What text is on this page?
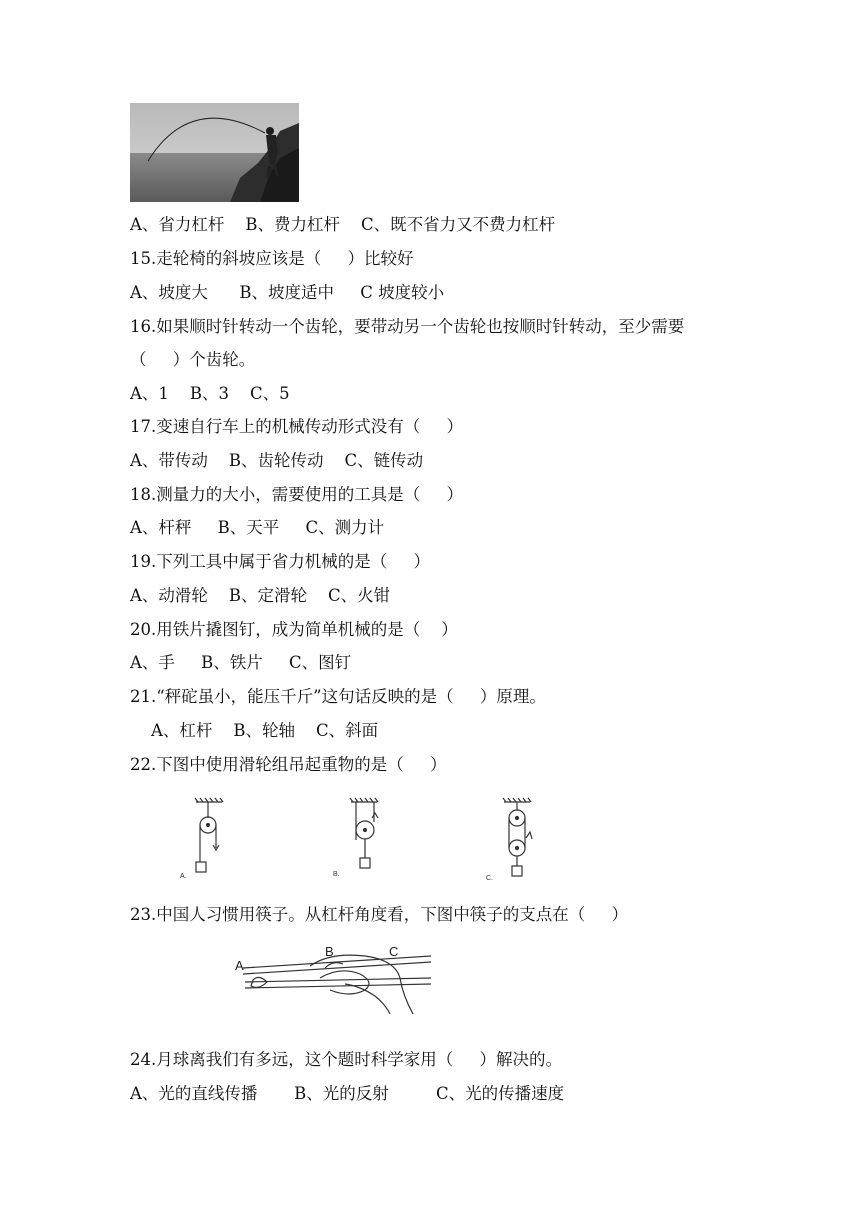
A、省力杠杆    B、费力杠杆    C、既不省力又不费力杠杆
15.走轮椅的斜坡应该是（     ）比较好
A、坡度大      B、坡度适中     C 坡度较小
16.如果顺时针转动一个齿轮，要带动另一个齿轮也按顺时针转动，至少需要
（     ）个齿轮。
A、1    B、3    C、5
17.变速自行车上的机械传动形式没有（     ）
A、带传动    B、齿轮传动    C、链传动
18.测量力的大小，需要使用的工具是（     ）
A、杆秤     B、天平     C、测力计
19.下列工具中属于省力机械的是（     ）
A、动滑轮    B、定滑轮    C、火钳
20.用铁片撬图钉，成为简单机械的是（    ）
A、手     B、铁片     C、图钉
21.“秤砣虽小，能压千斤”这句话反映的是（     ）原理。
A、杠杆    B、轮轴    C、斜面
22.下图中使用滑轮组吊起重物的是（     ）
A.	B.
C.
23.中国人习惯用筷子。从杠杆角度看，下图中筷子的支点在（     ）
A
B	C
24.月球离我们有多远，这个题时科学家用（     ）解决的。
A、光的直线传播       B、光的反射         C、光的传播速度
